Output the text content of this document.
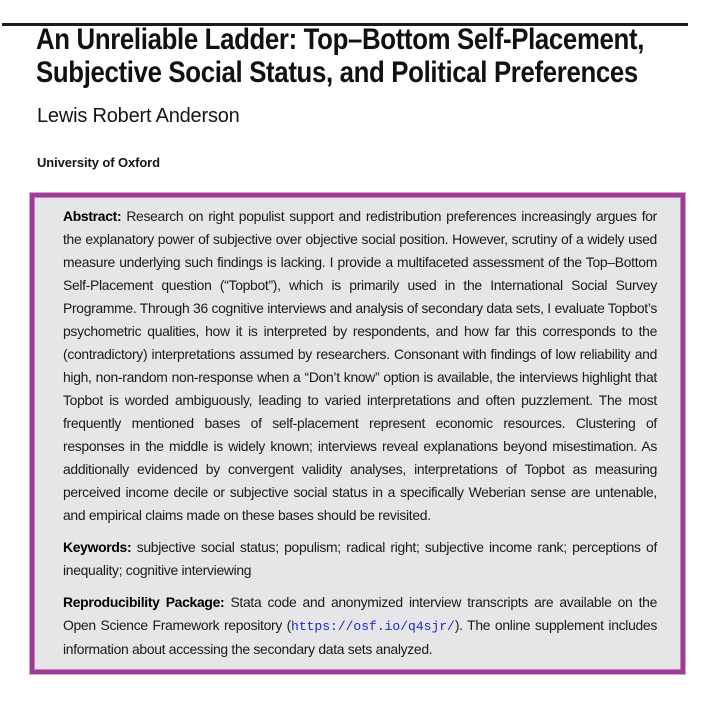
An Unreliable Ladder: Top–Bottom Self-Placement,
Subjective Social Status, and Political Preferences
Lewis Robert Anderson
University of Oxford

Abstract: Research on right populist support and redistribution preferences increasingly argues for the explanatory power of subjective over objective social position. However, scrutiny of a widely used measure underlying such findings is lacking. I provide a multifaceted assessment of the Top–Bottom Self-Placement question (“Topbot”), which is primarily used in the International Social Survey Programme. Through 36 cognitive interviews and analysis of secondary data sets, I evaluate Topbot’s psychometric qualities, how it is interpreted by respondents, and how far this corresponds to the (contradictory) interpretations assumed by researchers. Consonant with findings of low reliability and high, non-random non-response when a “Don’t know” option is available, the interviews highlight that Topbot is worded ambiguously, leading to varied interpretations and often puzzlement. The most frequently mentioned bases of self-placement represent economic resources. Clustering of responses in the middle is widely known; interviews reveal explanations beyond misestimation. As additionally evidenced by convergent validity analyses, interpretations of Topbot as measuring perceived income decile or subjective social status in a specifically Weberian sense are untenable, and empirical claims made on these bases should be revisited.

Keywords: subjective social status; populism; radical right; subjective income rank; perceptions of inequality; cognitive interviewing

Reproducibility Package: Stata code and anonymized interview transcripts are available on the Open Science Framework repository (https://osf.io/q4sjr/). The online supplement includes information about accessing the secondary data sets analyzed.
